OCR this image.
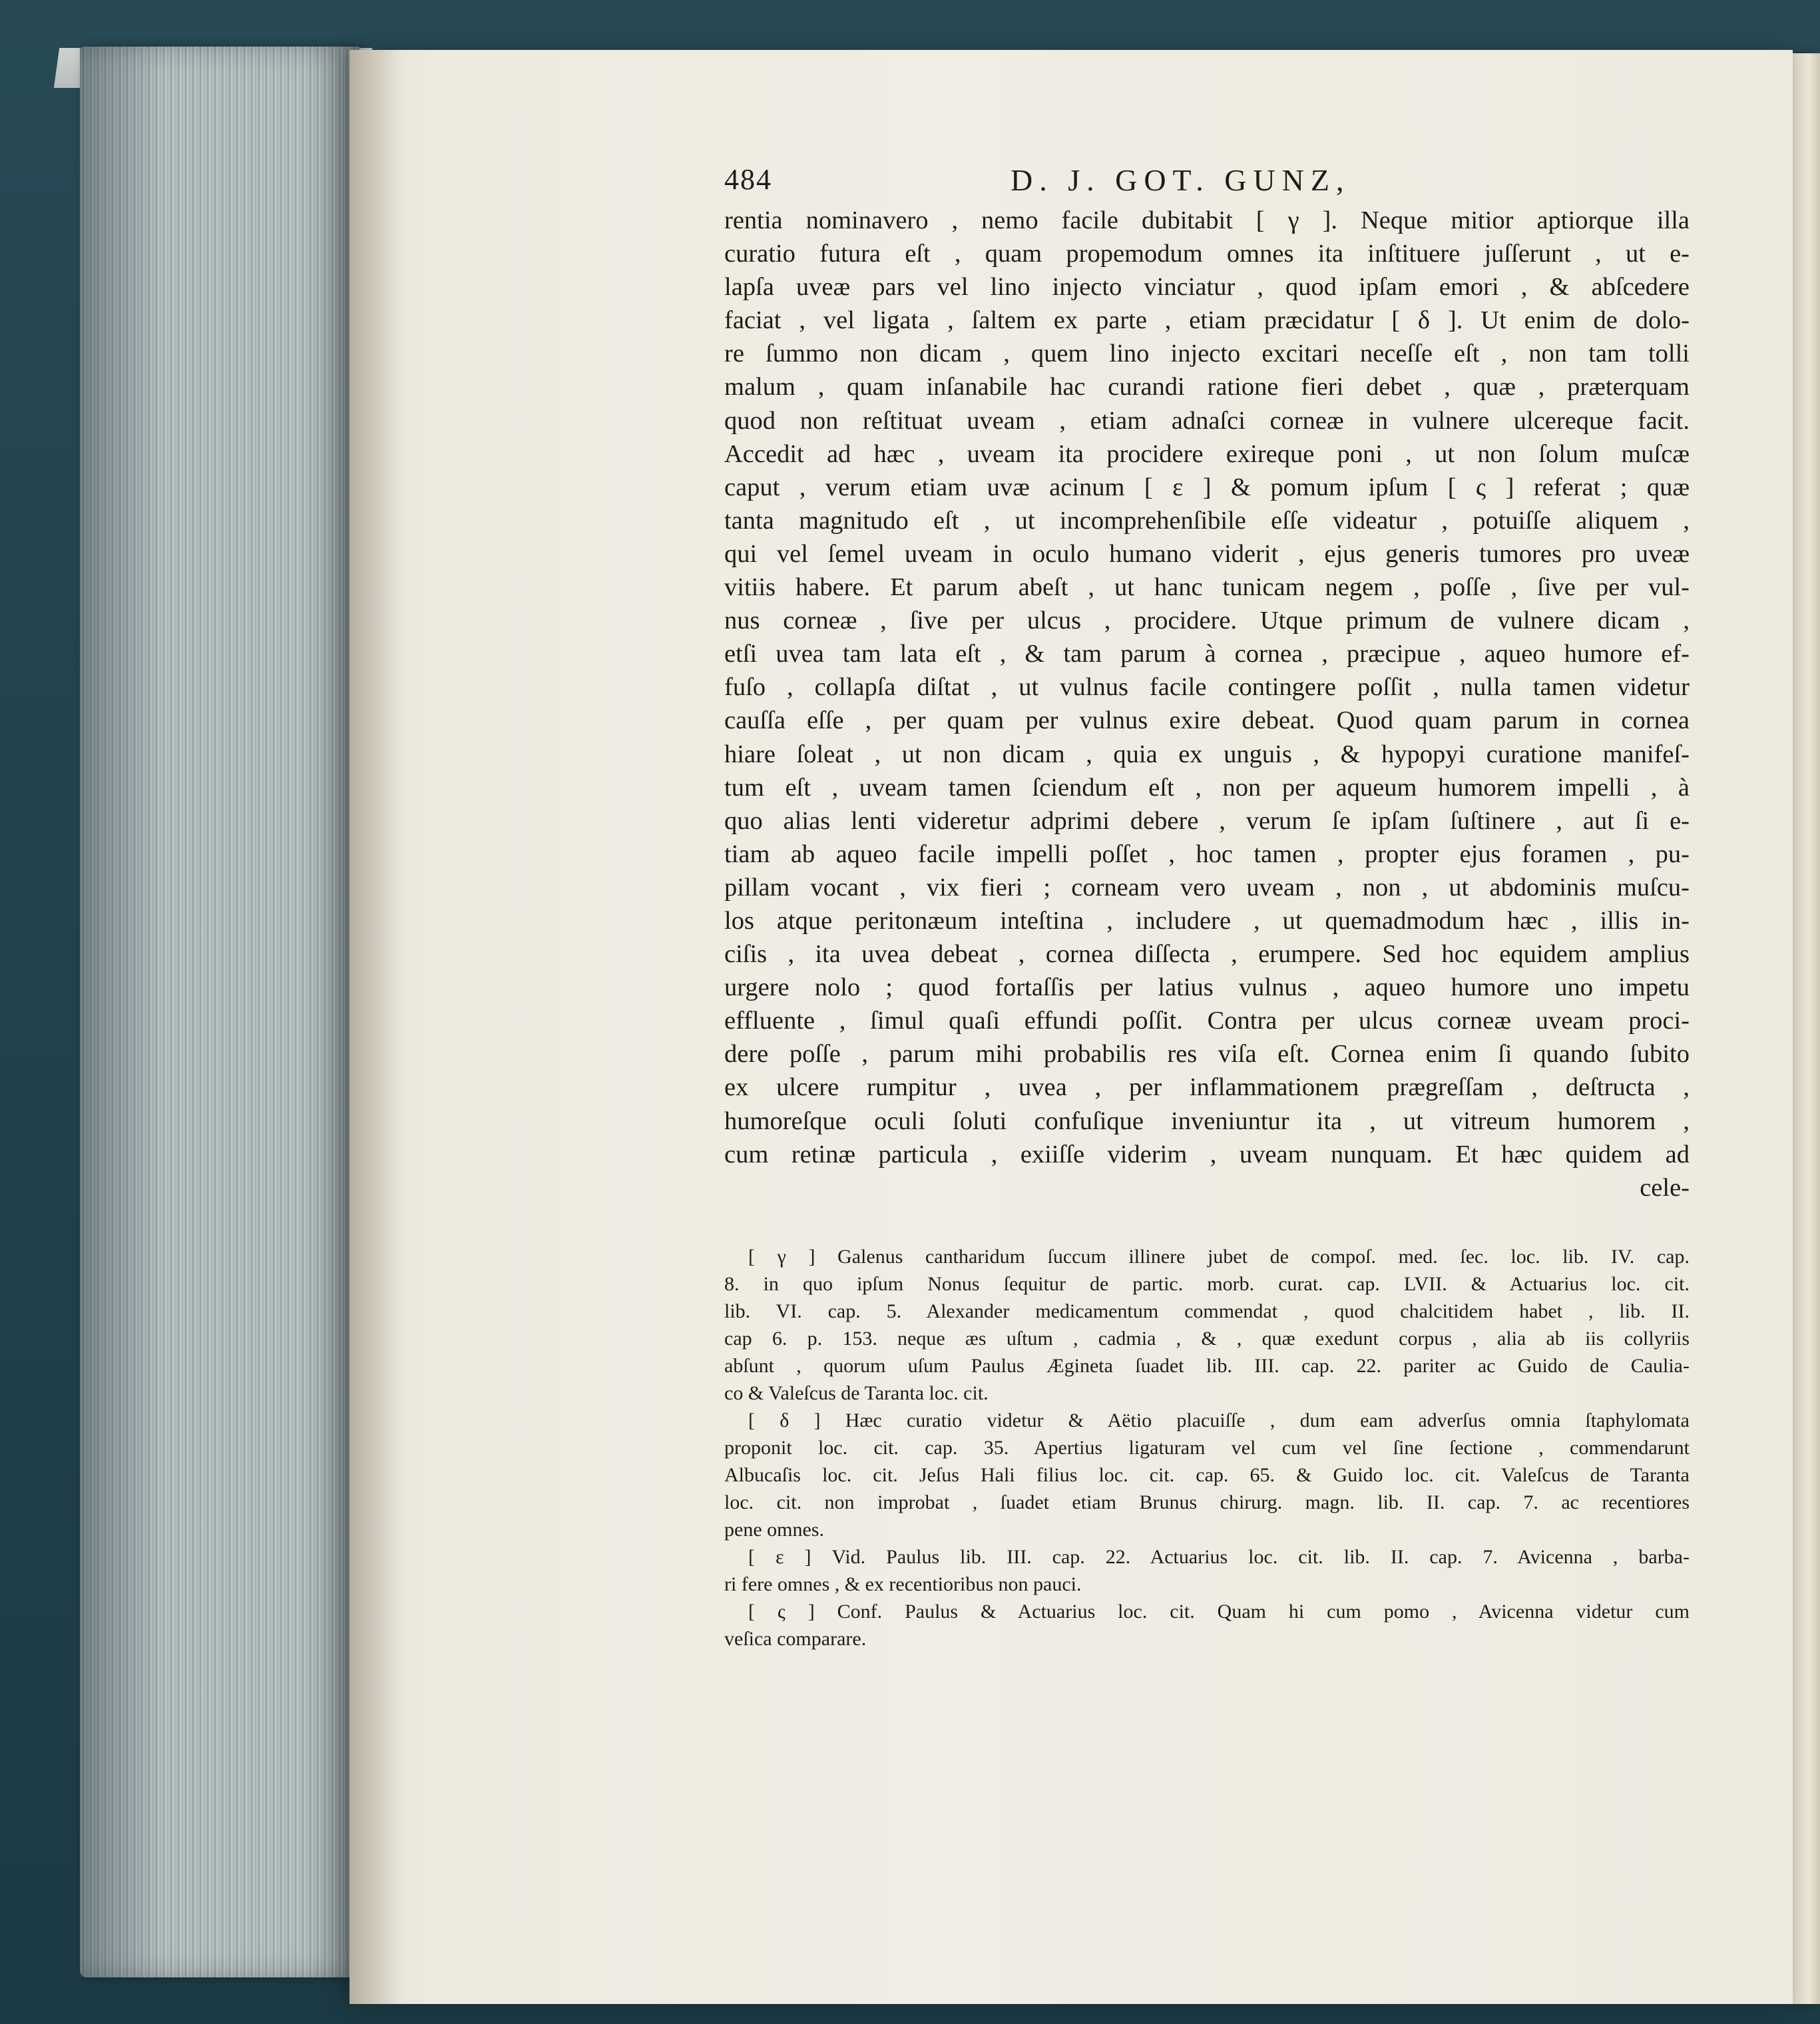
484	D. J. GOT. GUNZ,

rentia nominavero , nemo facile dubitabit [ γ ]. Neque mitior aptiorque illa

curatio futura eſt , quam propemodum omnes ita inſtituere juſſerunt , ut e-

lapſa uveæ pars vel lino injecto vinciatur , quod ipſam emori , & abſcedere

faciat , vel ligata , ſaltem ex parte , etiam præcidatur [ δ ]. Ut enim de dolo-

re ſummo non dicam , quem lino injecto excitari neceſſe eſt , non tam tolli

malum , quam inſanabile hac curandi ratione fieri debet , quæ , præterquam

quod non reſtituat uveam , etiam adnaſci corneæ in vulnere ulcereque facit.

Accedit ad hæc , uveam ita procidere exireque poni , ut non ſolum muſcæ

caput , verum etiam uvæ acinum [ ε ] & pomum ipſum [ ς ] referat ; quæ

tanta magnitudo eſt , ut incomprehenſibile eſſe videatur , potuiſſe aliquem ,

qui vel ſemel uveam in oculo humano viderit , ejus generis tumores pro uveæ

vitiis habere. Et parum abeſt , ut hanc tunicam negem , poſſe , ſive per vul-

nus corneæ , ſive per ulcus , procidere. Utque primum de vulnere dicam ,

etſi uvea tam lata eſt , & tam parum à cornea , præcipue , aqueo humore ef-

fuſo , collapſa diſtat , ut vulnus facile contingere poſſit , nulla tamen videtur

cauſſa eſſe , per quam per vulnus exire debeat. Quod quam parum in cornea

hiare ſoleat , ut non dicam , quia ex unguis , & hypopyi curatione manifeſ-

tum eſt , uveam tamen ſciendum eſt , non per aqueum humorem impelli , à

quo alias lenti videretur adprimi debere , verum ſe ipſam ſuſtinere , aut ſi e-

tiam ab aqueo facile impelli poſſet , hoc tamen , propter ejus foramen , pu-

pillam vocant , vix fieri ; corneam vero uveam , non , ut abdominis muſcu-

los atque peritonæum inteſtina , includere , ut quemadmodum hæc , illis in-

ciſis , ita uvea debeat , cornea diſſecta , erumpere. Sed hoc equidem amplius

urgere nolo ; quod fortaſſis per latius vulnus , aqueo humore uno impetu

effluente , ſimul quaſi effundi poſſit. Contra per ulcus corneæ uveam proci-

dere poſſe , parum mihi probabilis res viſa eſt. Cornea enim ſi quando ſubito

ex ulcere rumpitur , uvea , per inflammationem prægreſſam , deſtructa ,

humoreſque oculi ſoluti confuſique inveniuntur ita , ut vitreum humorem ,

cum retinæ particula , exiiſſe viderim , uveam nunquam. Et hæc quidem ad

cele-

[ γ ] Galenus cantharidum ſuccum illinere jubet de compoſ. med. ſec. loc. lib. IV. cap.

8. in quo ipſum Nonus ſequitur de partic. morb. curat. cap. LVII. & Actuarius loc. cit.

lib. VI. cap. 5. Alexander medicamentum commendat , quod chalcitidem habet , lib. II.

cap 6. p. 153. neque æs uſtum , cadmia , & , quæ exedunt corpus , alia ab iis collyriis

abſunt , quorum uſum Paulus Ægineta ſuadet lib. III. cap. 22. pariter ac Guido de Caulia-

co & Valeſcus de Taranta loc. cit.

[ δ ] Hæc curatio videtur & Aëtio placuiſſe , dum eam adverſus omnia ſtaphylomata

proponit loc. cit. cap. 35. Apertius ligaturam vel cum vel ſine ſectione , commendarunt

Albucaſis loc. cit. Jeſus Hali filius loc. cit. cap. 65. & Guido loc. cit. Valeſcus de Taranta

loc. cit. non improbat , ſuadet etiam Brunus chirurg. magn. lib. II. cap. 7. ac recentiores

pene omnes.

[ ε ] Vid. Paulus lib. III. cap. 22. Actuarius loc. cit. lib. II. cap. 7. Avicenna , barba-

ri fere omnes , & ex recentioribus non pauci.

[ ς ] Conf. Paulus & Actuarius loc. cit. Quam hi cum pomo , Avicenna videtur cum

veſica comparare.
